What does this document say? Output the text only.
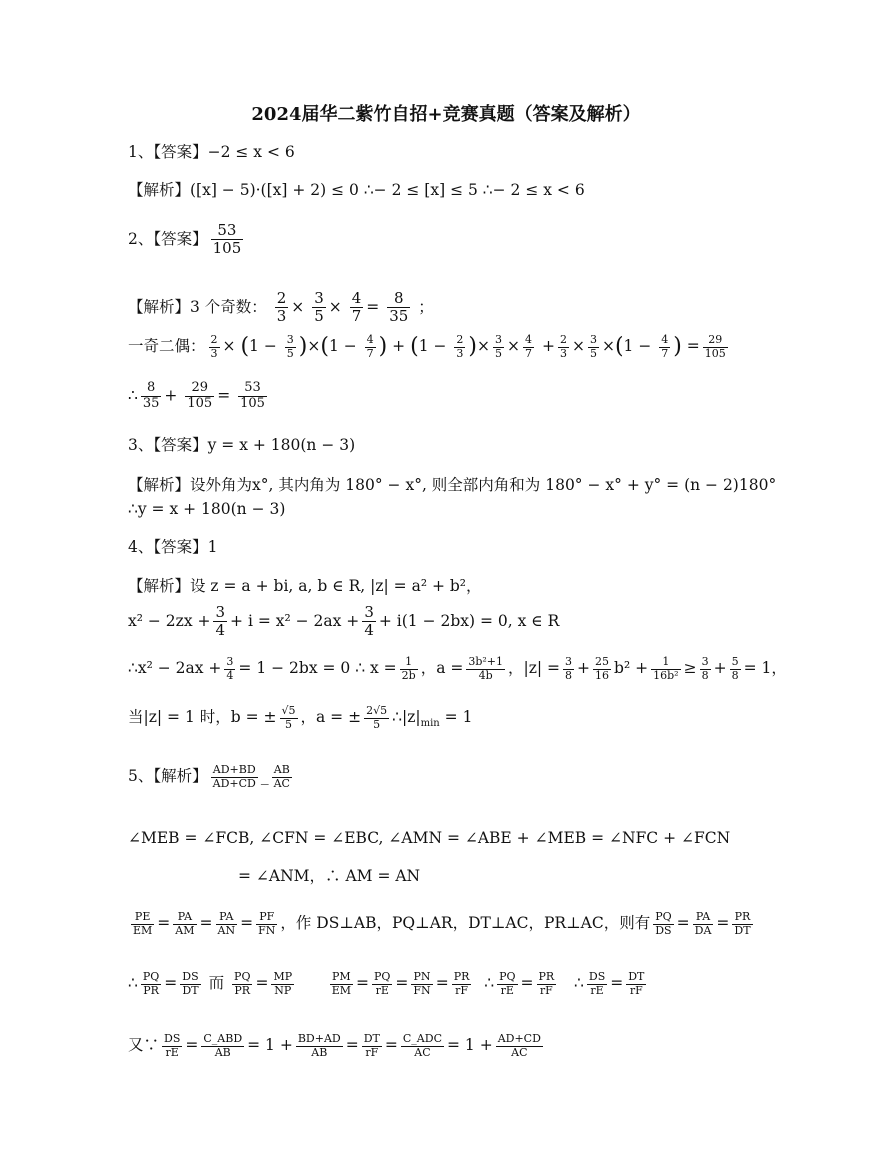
2024届华二紫竹自招+竞赛真题（答案及解析）
1、【答案】−2 ≤ x < 6
【解析】([x] − 5)·([x] + 2) ≤ 0 ∴− 2 ≤ [x] ≤ 5 ∴− 2 ≤ x < 6
2、【答案】 $\frac{53}{105}$
【解析】3 个奇数： $\frac{2}{3} \times \frac{3}{5} \times \frac{4}{7} = \frac{8}{35}$ ；
一奇二偶： $\frac{2}{3} \times (1 - \frac{3}{5} )\times(1 - \frac{4}{7}$ ) + ($1 - \frac{2}{3}$ )× $\frac{3}{5} \times \frac{4}{7} + \frac{2}{3} \times \frac{3}{5} \times(1 - \frac{4}{7}$ ) = $\frac{29}{105}$
∴ $\frac{8}{35} + \frac{29}{105} = \frac{53}{105}$
3、【答案】y = x + 180(n − 3)
【解析】设外角为x°, 其内角为 180° − x°, 则全部内角和为 180° − x° + y° = (n − 2)180°
∴y = x + 180(n − 3)
4、【答案】1
【解析】设 z = a + bi, a, b ∈ R, |z| = a² + b²，
$x^2 - 2zx + \frac{3}{4} + i = x^2 - 2ax + \frac{3}{4} + i(1 - 2bx) = 0$, x ∈ R
∴x² − $2ax + \frac{3}{4} = 1 - 2bx = 0$ ∴ $x = \frac{1}{2b}$ ，$a = \frac{\text{3b²+1}}{4b}$ ，$|z| = \frac{3}{8} + \frac{25}{16} b^2 + \frac{1}{\text{16b²}} \ge \frac{3}{8} + \frac{5}{8} = 1$，
当|z| = 1 时，b = ± $\frac{√5}{5}$ ，a = ± $\frac{2√5}{5}$ $\therefore|z|_{min} = 1$
5、【解析】 $\frac{AD+BD}{AD+CD}$ _ $\frac{AB}{AC}$
∠MEB = ∠FCB, ∠CFN = ∠EBC, ∠AMN = ∠ABE + ∠MEB = ∠NFC + ∠FCN
= ∠ANM，∴ AM = AN
$\frac{PE}{EM} = \frac{PA}{AM} = \frac{PA}{AN} = \frac{PF}{FN}$ ，作 DS⊥AB，PQ⊥AR，DT⊥AC，PR⊥AC，则有 $\frac{PQ}{DS} = \frac{PA}{DA} = \frac{PR}{DT}$
∴ $\frac{PQ}{PR} = \frac{DS}{DT}$ 而 $\frac{PQ}{PR} = \frac{MP}{NP}$
	$\frac{PM}{EM} = \frac{PQ}{rE} = \frac{PN}{FN} = \frac{PR}{rF}$ ∴ $\frac{PQ}{rE} = \frac{PR}{rF}$ ∴ $\frac{DS}{rE} = \frac{DT}{rF}$
又∵ $\frac{DS}{rE} = \frac{\text{C\_ABD}}{AB} = 1 + \frac{BD+AD}{AB} = \frac{DT}{rF} = \frac{\text{C\_ADC}}{AC} = 1 + \frac{AD+CD}{AC}$
